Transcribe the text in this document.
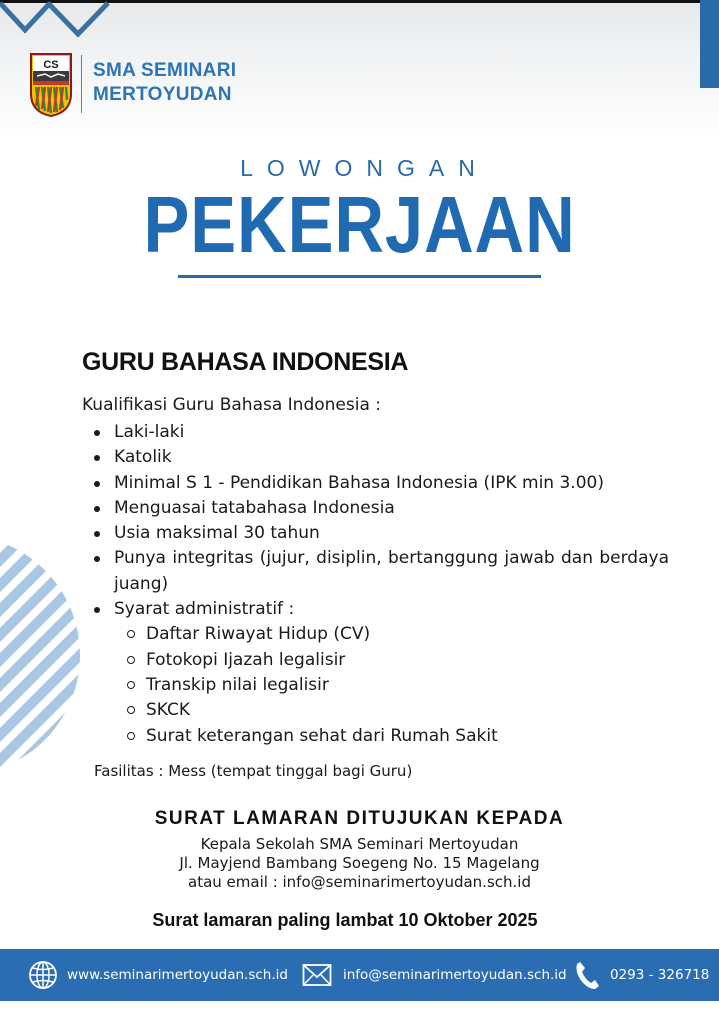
CS SMA SEMINARI
MERTOYUDAN
LOWONGAN
PEKERJAAN
GURU BAHASA INDONESIA
Kualifikasi Guru Bahasa Indonesia :
Laki-laki
Katolik
Minimal S 1 - Pendidikan Bahasa Indonesia (IPK min 3.00)
Menguasai tatabahasa Indonesia
Usia maksimal 30 tahun
Punya integritas (jujur, disiplin, bertanggung jawab dan berdaya juang)
Syarat administratif :
Daftar Riwayat Hidup (CV)
Fotokopi Ijazah legalisir
Transkip nilai legalisir
SKCK
Surat keterangan sehat dari Rumah Sakit
Fasilitas : Mess (tempat tinggal bagi Guru)
SURAT LAMARAN DITUJUKAN KEPADA
Kepala Sekolah SMA Seminari Mertoyudan
Jl. Mayjend Bambang Soegeng No. 15 Magelang
atau email : info@seminarimertoyudan.sch.id
Surat lamaran paling lambat 10 Oktober 2025
www.seminarimertoyudan.sch.id	info@seminarimertoyudan.sch.id	0293 - 326718
